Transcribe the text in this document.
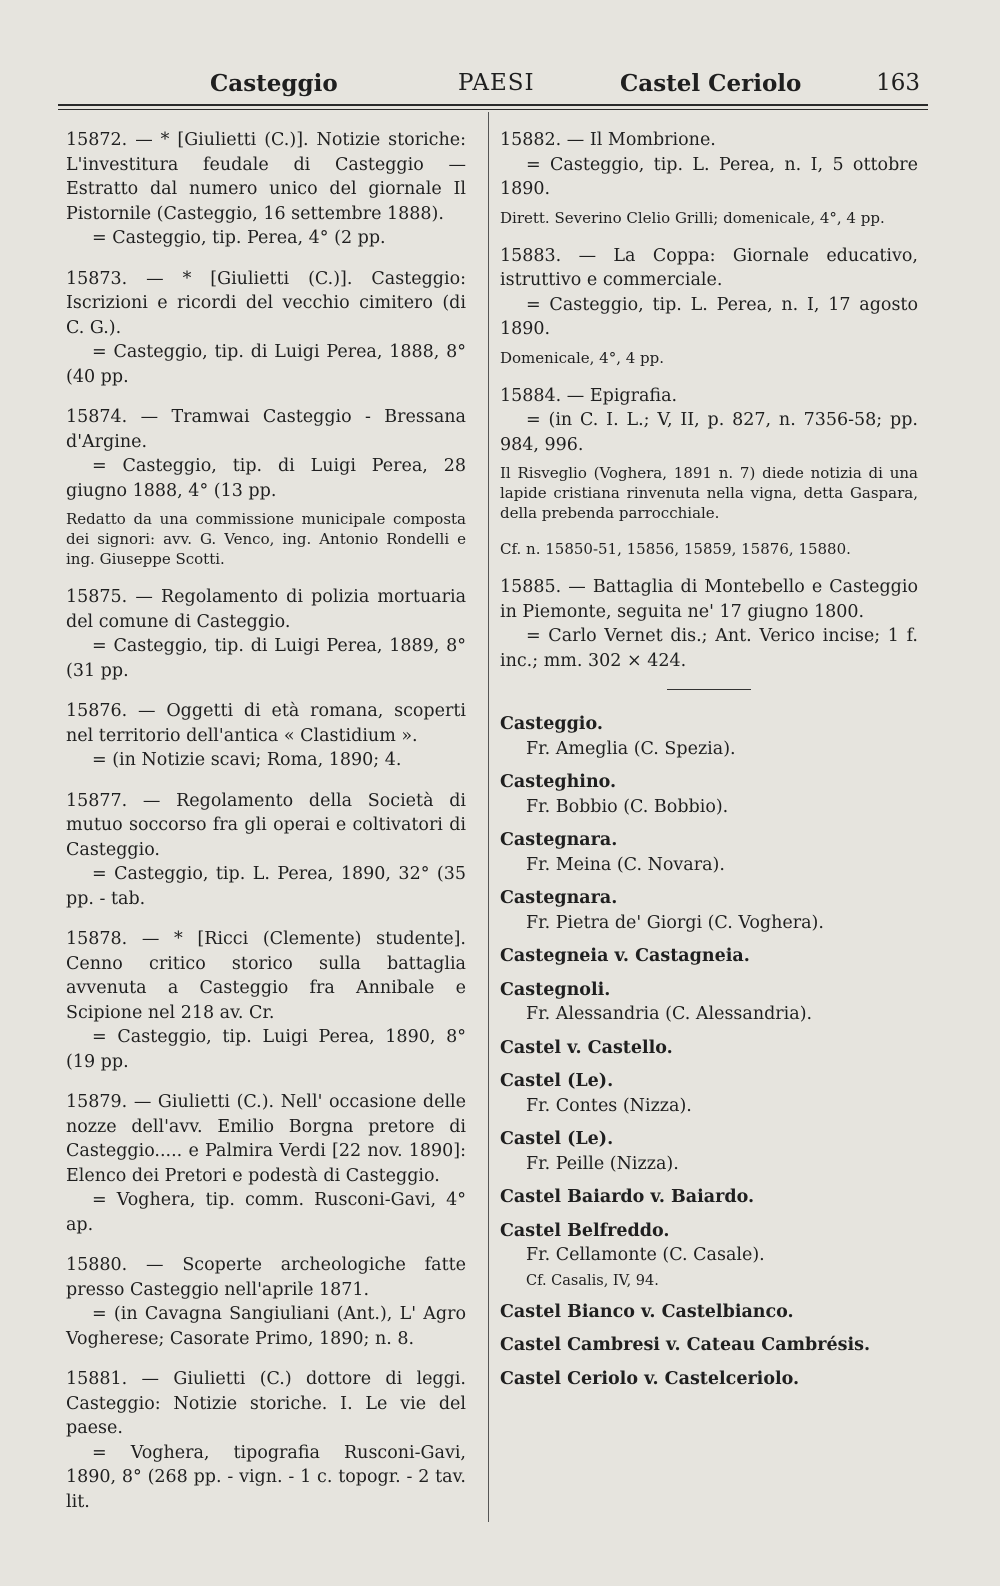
Casteggio	PAESI	Castel Ceriolo	163

15872. — * [Giulietti (C.)]. Notizie storiche: L'investitura feudale di Casteggio — Estratto dal numero unico del giornale Il Pistornile (Casteggio, 16 settembre 1888).

= Casteggio, tip. Perea, 4° (2 pp.

15873. — * [Giulietti (C.)]. Casteggio: Iscrizioni e ricordi del vecchio cimitero (di C. G.).

= Casteggio, tip. di Luigi Perea, 1888, 8° (40 pp.

15874. — Tramwai Casteggio - Bressana d'Argine.

= Casteggio, tip. di Luigi Perea, 28 giugno 1888, 4° (13 pp.

Redatto da una commissione municipale composta dei signori: avv. G. Venco, ing. Antonio Rondelli e ing. Giuseppe Scotti.

15875. — Regolamento di polizia mortuaria del comune di Casteggio.

= Casteggio, tip. di Luigi Perea, 1889, 8° (31 pp.

15876. — Oggetti di età romana, scoperti nel territorio dell'antica « Clastidium ».

= (in Notizie scavi; Roma, 1890; 4.

15877. — Regolamento della Società di mutuo soccorso fra gli operai e coltivatori di Casteggio.

= Casteggio, tip. L. Perea, 1890, 32° (35 pp. - tab.

15878. — * [Ricci (Clemente) studente]. Cenno critico storico sulla battaglia avvenuta a Casteggio fra Annibale e Scipione nel 218 av. Cr.

= Casteggio, tip. Luigi Perea, 1890, 8° (19 pp.

15879. — Giulietti (C.). Nell' occasione delle nozze dell'avv. Emilio Borgna pretore di Casteggio..... e Palmira Verdi [22 nov. 1890]: Elenco dei Pretori e podestà di Casteggio.

= Voghera, tip. comm. Rusconi-Gavi, 4° ap.

15880. — Scoperte archeologiche fatte presso Casteggio nell'aprile 1871.

= (in Cavagna Sangiuliani (Ant.), L' Agro Vogherese; Casorate Primo, 1890; n. 8.

15881. — Giulietti (C.) dottore di leggi. Casteggio: Notizie storiche. I. Le vie del paese.

= Voghera, tipografia Rusconi-Gavi, 1890, 8° (268 pp. - vign. - 1 c. topogr. - 2 tav. lit.

15882. — Il Mombrione.

= Casteggio, tip. L. Perea, n. I, 5 ottobre 1890.

Dirett. Severino Clelio Grilli; domenicale, 4°, 4 pp.

15883. — La Coppa: Giornale educativo, istruttivo e commerciale.

= Casteggio, tip. L. Perea, n. I, 17 agosto 1890.

Domenicale, 4°, 4 pp.

15884. — Epigrafia.

= (in C. I. L.; V, II, p. 827, n. 7356-58; pp. 984, 996.

Il Risveglio (Voghera, 1891 n. 7) diede notizia di una lapide cristiana rinvenuta nella vigna, detta Gaspara, della prebenda parrocchiale.

Cf. n. 15850-51, 15856, 15859, 15876, 15880.

15885. — Battaglia di Montebello e Casteggio in Piemonte, seguita ne' 17 giugno 1800.

= Carlo Vernet dis.; Ant. Verico incise; 1 f. inc.; mm. 302 × 424.

Casteggio.
Fr. Ameglia (C. Spezia).
Casteghino.
Fr. Bobbio (C. Bobbio).
Castegnara.
Fr. Meina (C. Novara).
Castegnara.
Fr. Pietra de' Giorgi (C. Voghera).
Castegneia v. Castagneia.
Castegnoli.
Fr. Alessandria (C. Alessandria).
Castel v. Castello.
Castel (Le).
Fr. Contes (Nizza).
Castel (Le).
Fr. Peille (Nizza).
Castel Baiardo v. Baiardo.
Castel Belfreddo.
Fr. Cellamonte (C. Casale).
Cf. Casalis, IV, 94.
Castel Bianco v. Castelbianco.
Castel Cambresi v. Cateau Cambrésis.
Castel Ceriolo v. Castelceriolo.
